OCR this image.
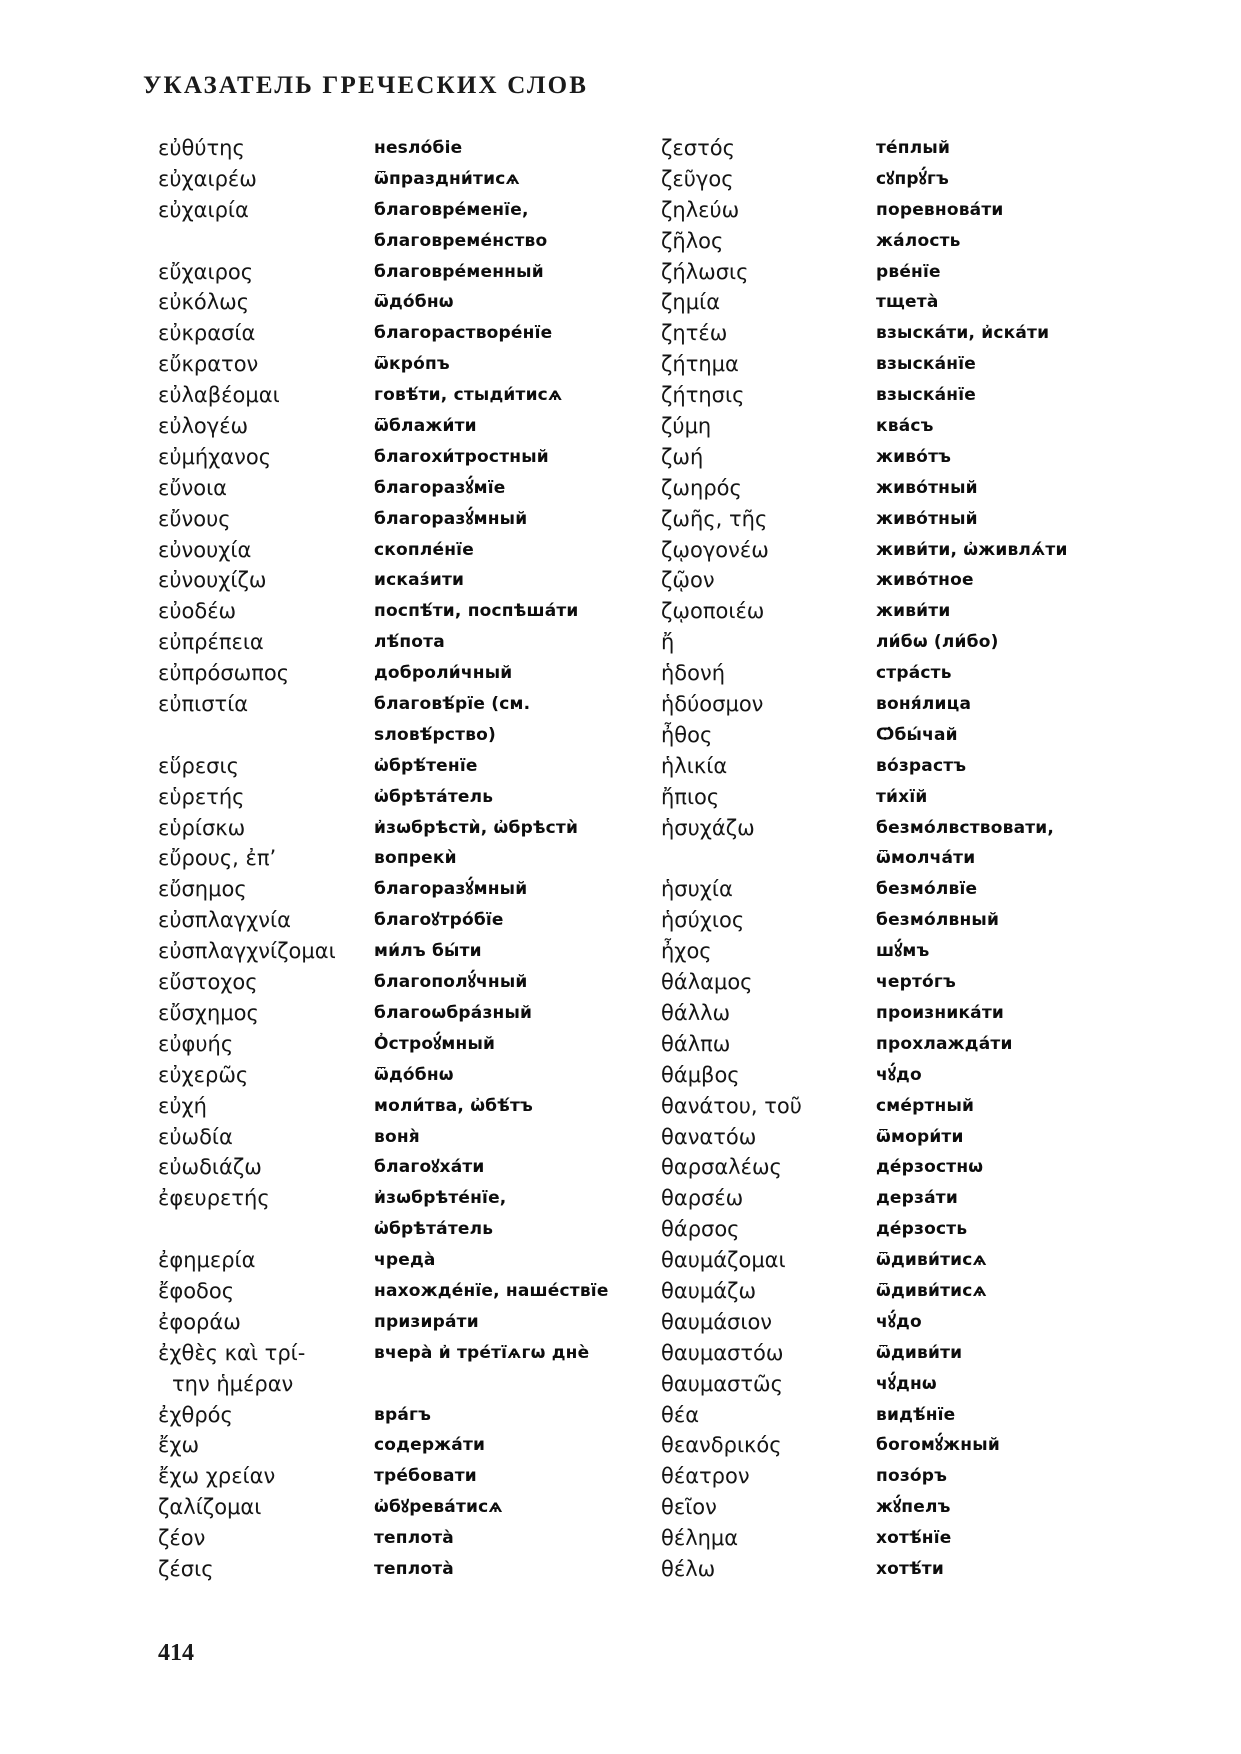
УКАЗАТЕЛЬ ГРЕЧЕСКИХ СЛОВ
εὐθύτης
εὐχαιρέω
εὐχαιρία
εὔχαιρος
εὐκόλως
εὐκρασία
εὔκρατον
εὐλαβέομαι
εὐλογέω
εὐμήχανος
εὔνοια
εὔνους
εὐνουχία
εὐνουχίζω
εὐοδέω
εὐπρέπεια
εὐπρόσωπος
εὐπιστία
εὕρεσις
εὑρετής
εὑρίσκω
εὔρους, ἐπ’
εὔσημος
εὐσπλαγχνία
εὐσπλαγχνίζομαι
εὔστοχος
εὔσχημος
εὐφυής
εὐχερῶς
εὐχή
εὐωδία
εὐωδιάζω
ἐφευρετής
ἐφημερία
ἔφοδος
ἐφοράω
ἐχθὲς καὶ τρί-
την ἡμέραν
ἐχθρός
ἔχω
ἔχω χρείαν
ζαλίζομαι
ζέον
ζέσις
неѕло́біе
ѿпраздни́тисѧ
благовре́менїе,
благовреме́нство
благовре́менный
ѿдо́бнѡ
благорастворе́нїе
ѿкро́пъ
говѣ́ти, стыди́тисѧ
ѿблажи́ти
благохи́тростный
благоразꙋ́мїе
благоразꙋ́мный
скопле́нїе
исказ́ити
поспѣ́ти, поспѣша́ти
лѣ́пота
доброли́чный
благовѣ́рїе (см.
ѕловѣ́рство)
ѡ҆брѣ́тенїе
ѡ҆брѣта́тель
и҆зѡбрѣстѝ, ѡ҆брѣстѝ
вопрекѝ
благоразꙋ́мный
благоꙋтро́бїе
ми́лъ бы́ти
благополꙋ́чный
благоѡбра́зный
О҆строꙋ́мный
ѿдо́бнѡ
моли́тва, ѡ҆бѣ́тъ
воня̀
благоꙋха́ти
и҆зѡбрѣте́нїе,
ѡ҆брѣта́тель
чреда̀
нахожде́нїе, наше́ствїе
призира́ти
вчера̀ и҆ тре́тїѧгѡ днѐ
вра́гъ
содержа́ти
тре́бовати
ѡ҆бꙋрева́тисѧ
теплота̀
теплота̀
ζεστός
ζεῦγος
ζηλεύω
ζῆλος
ζήλωσις
ζημία
ζητέω
ζήτημα
ζήτησις
ζύμη
ζωή
ζωηρός
ζωῆς, τῆς
ζῳογονέω
ζῷον
ζῳοποιέω
ἤ
ἡδονή
ἡδύοσμον
ἦθος
ἡλικία
ἤπιος
ἡσυχάζω
ἡσυχία
ἡσύχιος
ἦχος
θάλαμος
θάλλω
θάλπω
θάμβος
θανάτου, τοῦ
θανατόω
θαρσαλέως
θαρσέω
θάρσος
θαυμάζομαι
θαυμάζω
θαυμάσιον
θαυμαστόω
θαυμαστῶς
θέα
θεανδρικός
θέατρον
θεῖον
θέλημα
θέλω
те́плый
сꙋпрꙋ́гъ
поревнова́ти
жа́лость
рве́нїе
тщета̀
взыска́ти, и҆ска́ти
взыска́нїе
взыска́нїе
ква́съ
живо́тъ
живо́тный
живо́тный
живи́ти, ѡ҆живлѧ́ти
живо́тное
живи́ти
ли́бѡ (ли́бо)
стра́сть
воня́лица
Ѻ҆бы́чай
во́зрастъ
ти́хїй
безмо́лвствовати,
ѿмолча́ти
безмо́лвїе
безмо́лвный
шꙋ́мъ
черто́гъ
произника́ти
прохлажда́ти
чꙋ́до
сме́ртный
ѿмори́ти
де́рзостнѡ
дерза́ти
де́рзость
ѿдиви́тисѧ
ѿдиви́тисѧ
чꙋ́до
ѿдиви́ти
чꙋ́днѡ
видѣ́нїе
богомꙋ́жный
позо́ръ
жꙋ́пелъ
хотѣ́нїе
хотѣ́ти
414
